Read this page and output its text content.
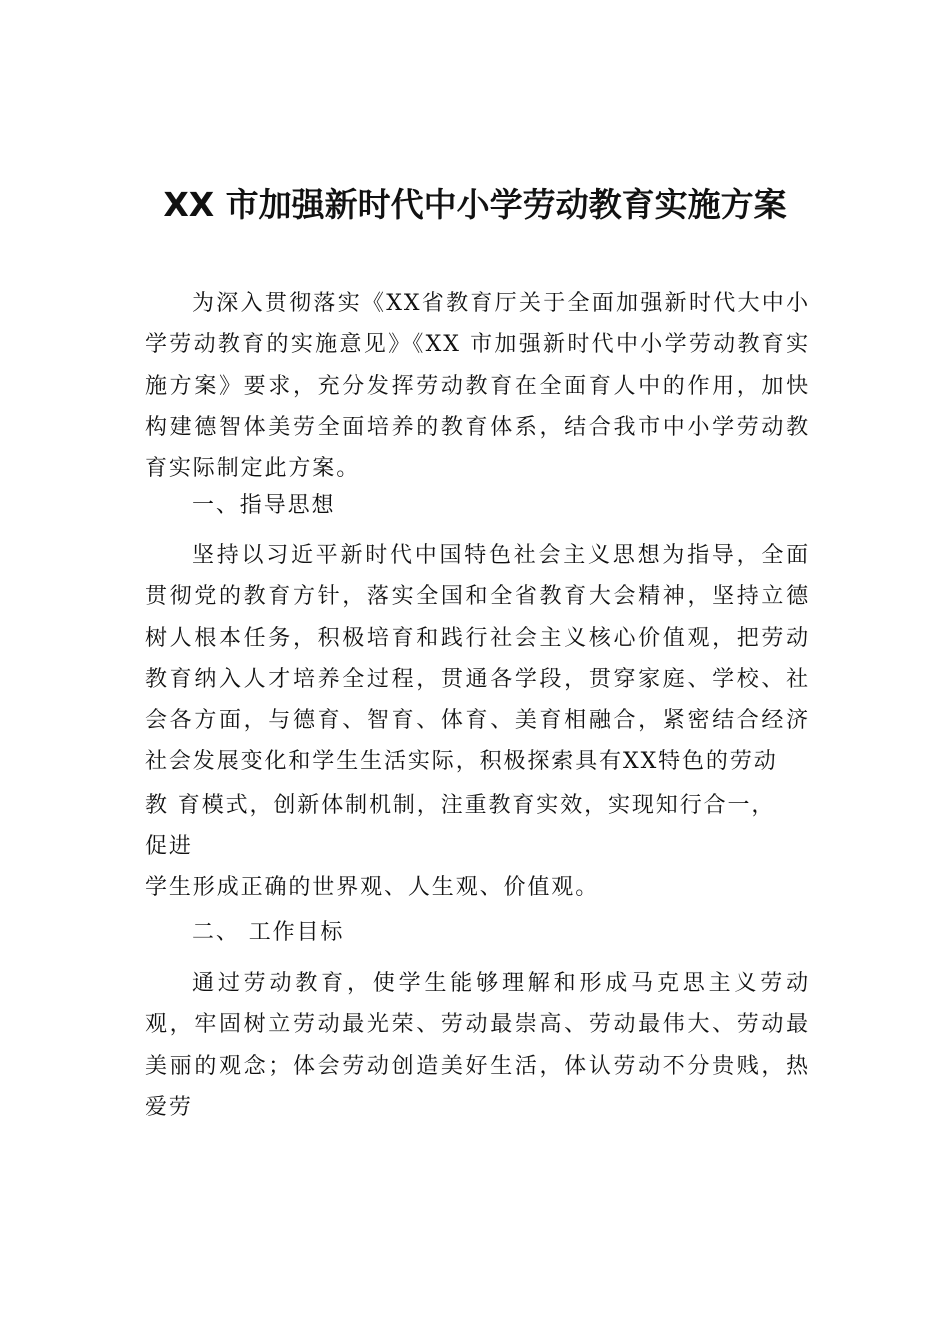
XX 市加强新时代中小学劳动教育实施方案

为深入贯彻落实《XX省教育厅关于全面加强新时代大中小学劳动教育的实施意见》《XX 市加强新时代中小学劳动教育实施方案》要求，充分发挥劳动教育在全面育人中的作用，加快构建德智体美劳全面培养的教育体系，结合我市中小学劳动教育实际制定此方案。

一、指导思想

坚持以习近平新时代中国特色社会主义思想为指导，全面贯彻党的教育方针，落实全国和全省教育大会精神，坚持立德树人根本任务，积极培育和践行社会主义核心价值观，把劳动教育纳入人才培养全过程，贯通各学段，贯穿家庭、学校、社会各方面，与德育、智育、体育、美育相融合，紧密结合经济社会发展变化和学生生活实际，积极探索具有XX特色的劳动

教 育模式，创新体制机制，注重教育实效，实现知行合一，
促进
学生形成正确的世界观、人生观、价值观。

二、 工作目标

通过劳动教育，使学生能够理解和形成马克思主义劳动观，牢固树立劳动最光荣、劳动最崇高、劳动最伟大、劳动最美丽的观念；体会劳动创造美好生活，体认劳动不分贵贱，热爱劳
